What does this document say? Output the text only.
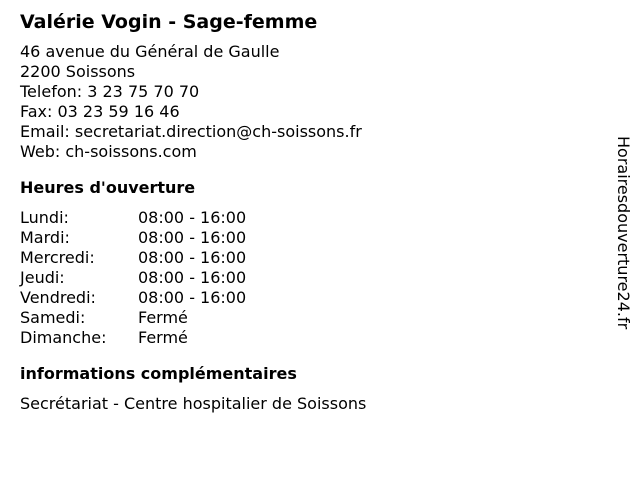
Valérie Vogin - Sage-femme
46 avenue du Général de Gaulle
2200 Soissons
Telefon: 3 23 75 70 70
Fax: 03 23 59 16 46
Email: secretariat.direction@ch-soissons.fr
Web: ch-soissons.com
Heures d'ouverture
Lundi:	08:00 - 16:00
Mardi:	08:00 - 16:00
Mercredi:	08:00 - 16:00
Jeudi:	08:00 - 16:00
Vendredi:	08:00 - 16:00
Samedi:	Fermé
Dimanche:	Fermé
informations complémentaires
Secrétariat - Centre hospitalier de Soissons
Horairesdouverture24.fr
